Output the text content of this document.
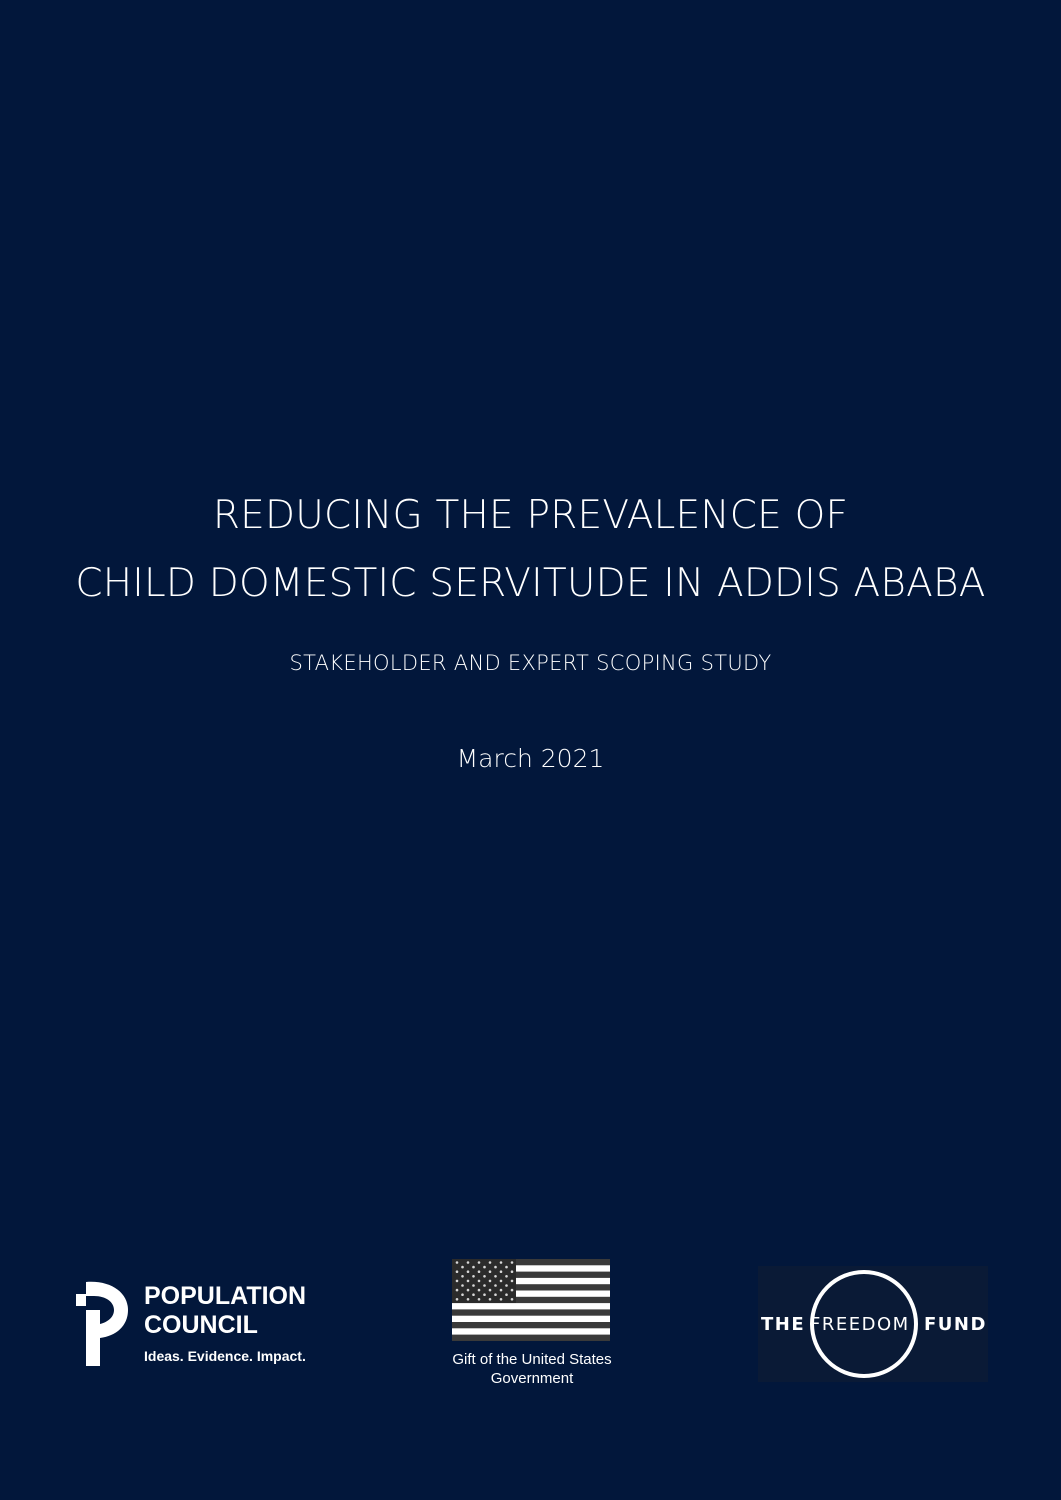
REDUCING THE PREVALENCE OF
CHILD DOMESTIC SERVITUDE IN ADDIS ABABA
STAKEHOLDER AND EXPERT SCOPING STUDY
March 2021
POPULATION
COUNCIL
Ideas. Evidence. Impact.	Gift of the United States
Government
THE FREEDOM FUND
